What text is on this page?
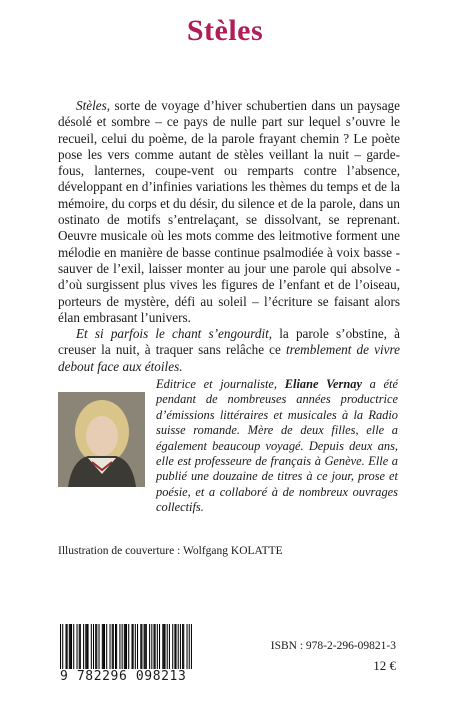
Stèles

Stèles, sorte de voyage d’hiver schubertien dans un paysage désolé et sombre – ce pays de nulle part sur lequel s’ouvre le recueil, celui du poème, de la parole frayant chemin ? Le poète pose les vers comme autant de stèles veillant la nuit – garde-fous, lanternes, coupe-vent ou remparts contre l’absence, développant en d’infinies variations les thèmes du temps et de la mémoire, du corps et du désir, du silence et de la parole, dans un ostinato de motifs s’entrelaçant, se dissolvant, se reprenant. Oeuvre musicale où les mots comme des leitmotive forment une mélodie en manière de basse continue psalmodiée à voix basse - sauver de l’exil, laisser monter au jour une parole qui absolve - d’où surgissent plus vives les figures de l’enfant et de l’oiseau, porteurs de mystère, défi au soleil – l’écriture se faisant alors élan embrasant l’univers.

Et si parfois le chant s’engourdit, la parole s’obstine, à creuser la nuit, à traquer sans relâche ce tremblement de vivre debout face aux étoiles.

Editrice et journaliste, Eliane Vernay a été pendant de nombreuses années productrice d’émissions littéraires et musicales à la Radio suisse romande. Mère de deux filles, elle a également beaucoup voyagé. Depuis deux ans, elle est professeure de français à Genève. Elle a publié une douzaine de titres à ce jour, prose et poésie, et a collaboré à de nombreux ouvrages collectifs.
Illustration de couverture : Wolfgang KOLATTE
9 782296 098213
ISBN : 978-2-296-09821-3
12 €
